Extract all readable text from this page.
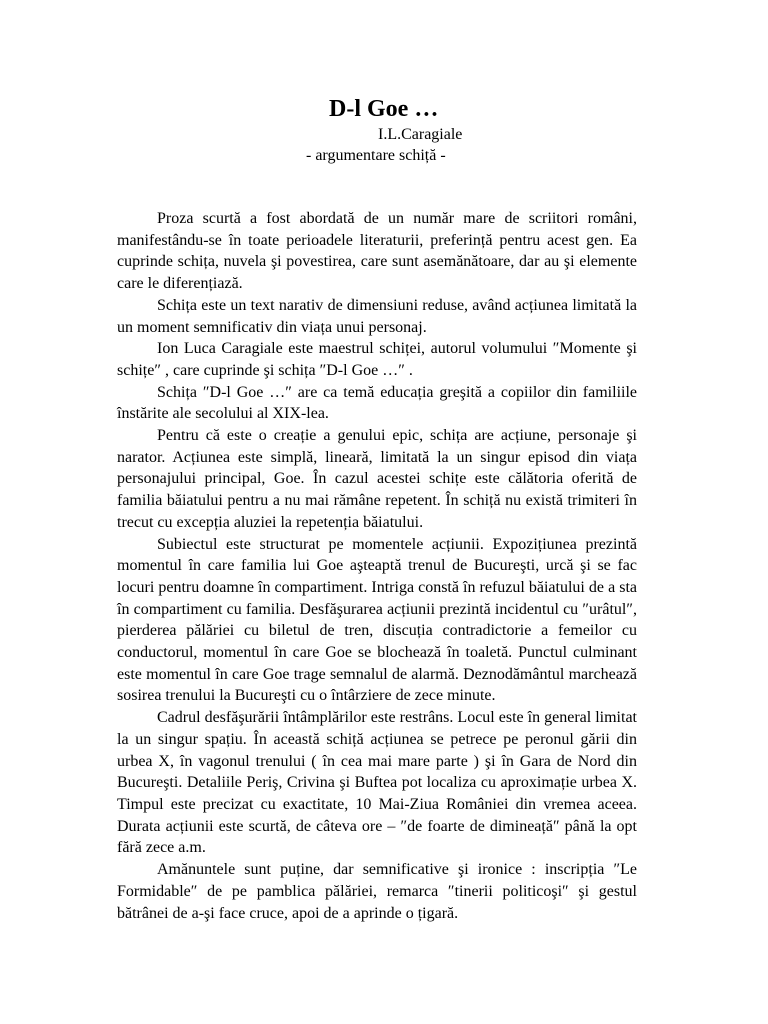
D-l Goe …
I.L.Caragiale
- argumentare schiță -

Proza scurtă a fost abordată de un număr mare de scriitori români, manifestându-se în toate perioadele literaturii, preferință pentru acest gen. Ea cuprinde schița, nuvela şi povestirea, care sunt asemănătoare, dar au şi elemente care le diferențiază.

Schița este un text narativ de dimensiuni reduse, având acțiunea limitată la un moment semnificativ din viața unui personaj.

Ion Luca Caragiale este maestrul schiței, autorul volumului ″Momente şi schițe″ , care cuprinde şi schița ″D-l Goe …″ .

Schița ″D-l Goe …″ are ca temă educația greşită a copiilor din familiile înstărite ale secolului al XIX-lea.

Pentru că este o creație a genului epic, schița are acțiune, personaje şi narator. Acțiunea este simplă, lineară, limitată la un singur episod din viața personajului principal, Goe. În cazul acestei schițe este călătoria oferită de familia băiatului pentru a nu mai rămâne repetent. În schiță nu există trimiteri în trecut cu excepția aluziei la repetenția băiatului.

Subiectul este structurat pe momentele acțiunii. Expozițiunea prezintă momentul în care familia lui Goe aşteaptă trenul de Bucureşti, urcă şi se fac locuri pentru doamne în compartiment. Intriga constă în refuzul băiatului de a sta în compartiment cu familia. Desfăşurarea acțiunii prezintă incidentul cu ″urâtul″, pierderea pălăriei cu biletul de tren, discuția contradictorie a femeilor cu conductorul, momentul în care Goe se blochează în toaletă. Punctul culminant este momentul în care Goe trage semnalul de alarmă. Deznodământul marchează sosirea trenului la Bucureşti cu o întârziere de zece minute.

Cadrul desfăşurării întâmplărilor este restrâns. Locul este în general limitat la un singur spațiu. În această schiță acțiunea se petrece pe peronul gării din urbea X, în vagonul trenului ( în cea mai mare parte ) şi în Gara de Nord din Bucureşti. Detaliile Periş, Crivina şi Buftea pot localiza cu aproximație urbea X. Timpul este precizat cu exactitate, 10 Mai-Ziua României din vremea aceea. Durata acțiunii este scurtă, de câteva ore – ″de foarte de dimineață″ până la opt fără zece a.m.

Amănuntele sunt puține, dar semnificative şi ironice : inscripția ″Le Formidable″ de pe pamblica pălăriei, remarca ″tinerii politicoşi″ şi gestul bătrânei de a-şi face cruce, apoi de a aprinde o țigară.
